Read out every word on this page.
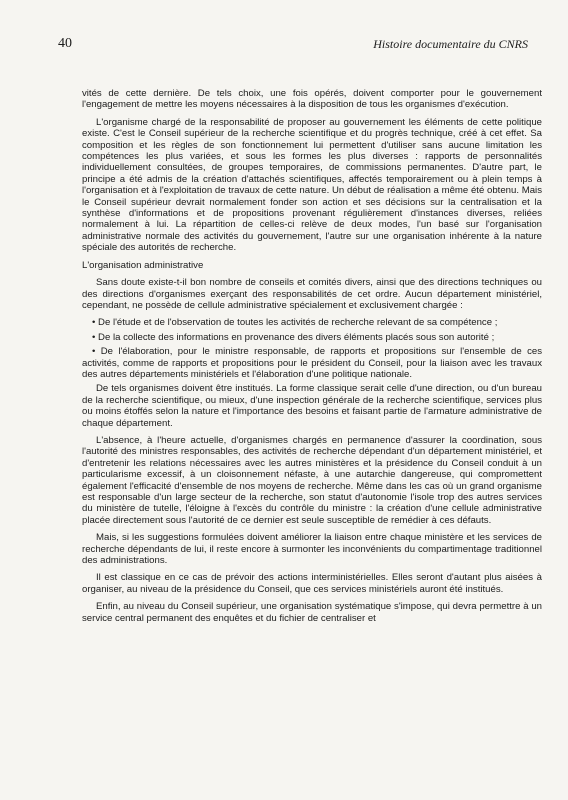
40	Histoire documentaire du CNRS

vités de cette dernière. De tels choix, une fois opérés, doivent comporter pour le gouvernement l'engagement de mettre les moyens nécessaires à la disposition de tous les organismes d'exécution.

L'organisme chargé de la responsabilité de proposer au gouvernement les éléments de cette politique existe. C'est le Conseil supérieur de la recherche scientifique et du progrès technique, créé à cet effet. Sa composition et les règles de son fonctionnement lui permettent d'utiliser sans aucune limitation les compétences les plus variées, et sous les formes les plus diverses : rapports de personnalités individuellement consultées, de groupes temporaires, de commissions permanentes. D'autre part, le principe a été admis de la création d'attachés scientifiques, affectés temporairement ou à plein temps à l'organisation et à l'exploitation de travaux de cette nature. Un début de réalisation a même été obtenu. Mais le Conseil supérieur devrait normalement fonder son action et ses décisions sur la centralisation et la synthèse d'informations et de propositions provenant régulièrement d'instances diverses, reliées normalement à lui. La répartition de celles-ci relève de deux modes, l'un basé sur l'organisation administrative normale des activités du gouvernement, l'autre sur une organisation inhérente à la nature spéciale des autorités de recherche.

L'organisation administrative

Sans doute existe-t-il bon nombre de conseils et comités divers, ainsi que des directions techniques ou des directions d'organismes exerçant des responsabilités de cet ordre. Aucun département ministériel, cependant, ne possède de cellule administrative spécialement et exclusivement chargée :

• De l'étude et de l'observation de toutes les activités de recherche relevant de sa compétence ;

• De la collecte des informations en provenance des divers éléments placés sous son autorité ;

• De l'élaboration, pour le ministre responsable, de rapports et propositions sur l'ensemble de ces activités, comme de rapports et propositions pour le président du Conseil, pour la liaison avec les travaux des autres départements ministériels et l'élaboration d'une politique nationale.

De tels organismes doivent être institués. La forme classique serait celle d'une direction, ou d'un bureau de la recherche scientifique, ou mieux, d'une inspection générale de la recherche scientifique, services plus ou moins étoffés selon la nature et l'importance des besoins et faisant partie de l'armature administrative de chaque département.

L'absence, à l'heure actuelle, d'organismes chargés en permanence d'assurer la coordination, sous l'autorité des ministres responsables, des activités de recherche dépendant d'un département ministériel, et d'entretenir les relations nécessaires avec les autres ministères et la présidence du Conseil conduit à un particularisme excessif, à un cloisonnement néfaste, à une autarchie dangereuse, qui compromettent également l'efficacité d'ensemble de nos moyens de recherche. Même dans les cas où un grand organisme est responsable d'un large secteur de la recherche, son statut d'autonomie l'isole trop des autres services du ministère de tutelle, l'éloigne à l'excès du contrôle du ministre : la création d'une cellule administrative placée directement sous l'autorité de ce dernier est seule susceptible de remédier à ces défauts.

Mais, si les suggestions formulées doivent améliorer la liaison entre chaque ministère et les services de recherche dépendants de lui, il reste encore à surmonter les inconvénients du compartimentage traditionnel des administrations.

Il est classique en ce cas de prévoir des actions interministérielles. Elles seront d'autant plus aisées à organiser, au niveau de la présidence du Conseil, que ces services ministériels auront été institués.

Enfin, au niveau du Conseil supérieur, une organisation systématique s'impose, qui devra permettre à un service central permanent des enquêtes et du fichier de centraliser et
